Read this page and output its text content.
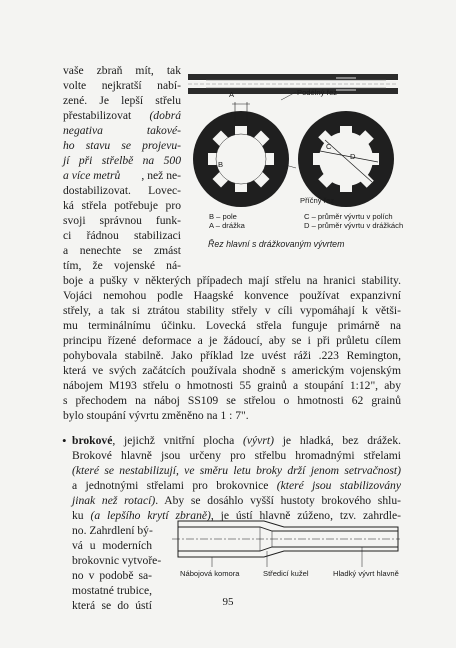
vaše zbraň mít, tak
volte nejkratší nabí-
zené. Je lepší střelu
přestabilizovat (dobrá
negativa takové-
ho stavu se projevu-
jí při střelbě na 500
a více metrů , než ne-
dostabilizovat. Lovec-
ká střela potřebuje pro
svoji správnou funk-
ci řádnou stabilizaci
a nenechte se zmást
tím, že vojenské ná-
boje a pušky v některých případech mají střelu na hranici stability.
Vojáci nemohou podle Haagské konvence používat expanzivní
střely, a tak si ztrátou stability střely v cíli vypomáhají k větši-
mu terminálnímu účinku. Lovecká střela funguje primárně na
principu řízené deformace a je žádoucí, aby se i při průletu cílem
pohybovala stabilně. Jako příklad lze uvést ráži .223 Remington,
která ve svých začátcích používala shodně s americkým vojenským
nábojem M193 střelu o hmotnosti 55 grainů a stoupání 1:12", aby
s přechodem na náboj SS109 se střelou o hmotnosti 62 grainů
bylo stoupání vývrtu změněno na 1 : 7".
• brokové, jejichž vnitřní plocha (vývrt) je hladká, bez drážek.
Brokové hlavně jsou určeny pro střelbu hromadnými střelami
(které se nestabilizují, ve směru letu broky drží jenom setrvačnost)
a jednotnými střelami pro brokovnice (které jsou stabilizovány
jinak než rotací). Aby se dosáhlo vyšší hustoty brokového shlu-
ku (a lepšího krytí zbraně), je ústí hlavně zúženo, tzv. zahrdle-
no. Zahrdlení bý-
vá u moderních
brokovnic vytvoře-
no v podobě sa-
mostatné trubice,
která se do ústí
A
B
C
D
Podélný řez
Příčný řez
B – pole
A – drážka
C – průměr vývrtu v polích
D – průměr vývrtu v drážkách
Řez hlavní s drážkovaným vývrtem
Nábojová komora	Středicí kužel	Hladký vývrt hlavně
95
